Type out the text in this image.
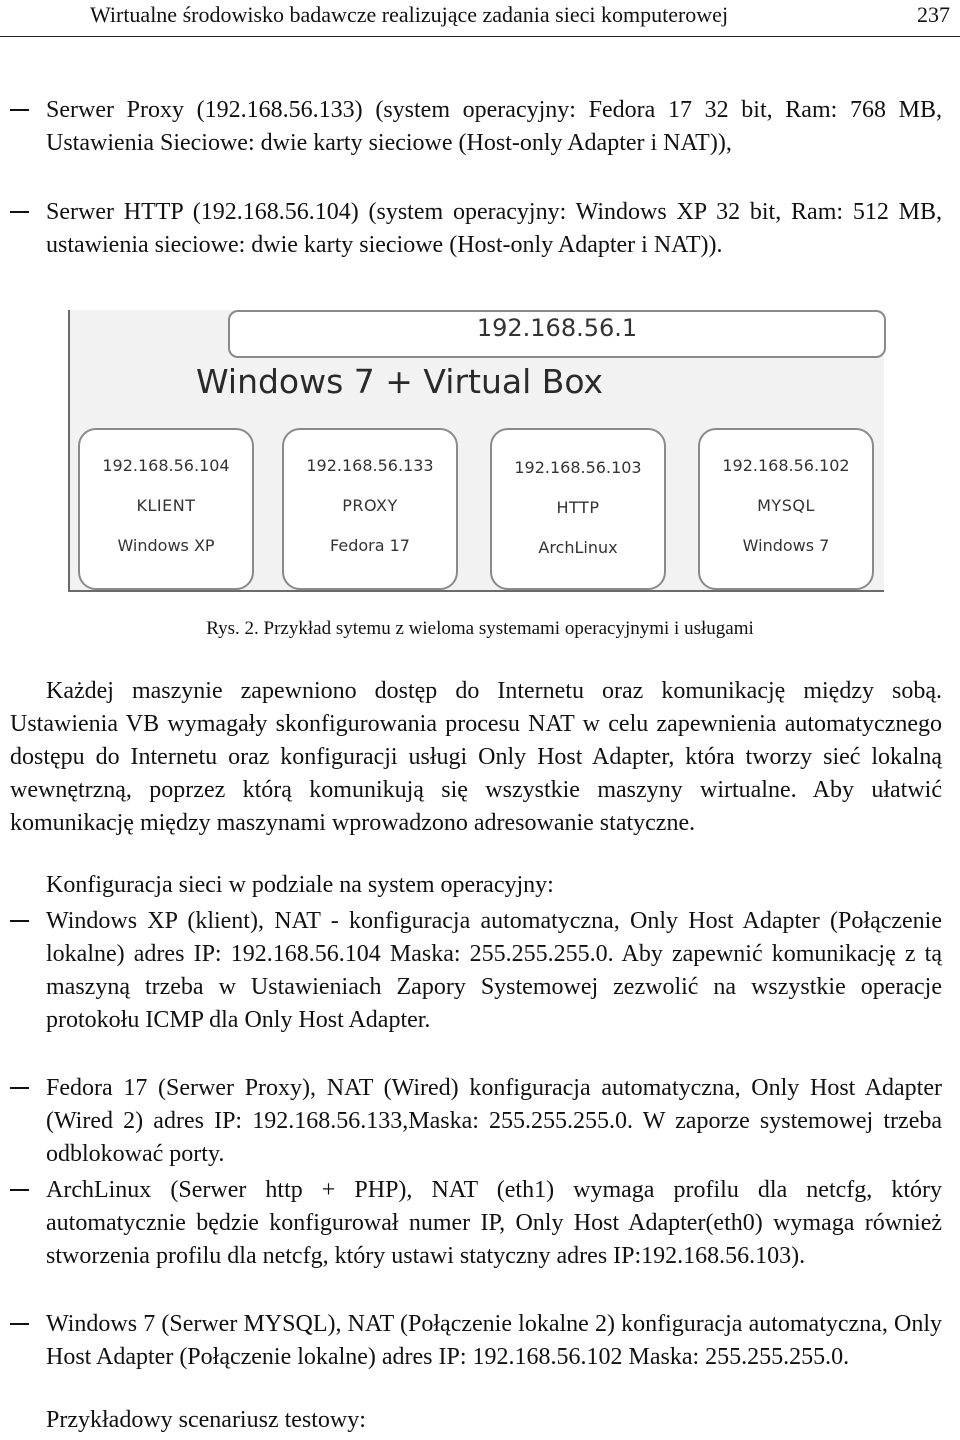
Wirtualne środowisko badawcze realizujące zadania sieci komputerowej	237
Serwer Proxy (192.168.56.133) (system operacyjny: Fedora 17 32 bit, Ram: 768 MB, Ustawienia Sieciowe: dwie karty sieciowe (Host-only Adapter i NAT)),
Serwer HTTP (192.168.56.104) (system operacyjny: Windows XP 32 bit, Ram: 512 MB, ustawienia sieciowe: dwie karty sieciowe (Host-only Adapter i NAT)).
192.168.56.1
Windows 7 + Virtual Box
192.168.56.104
KLIENT
Windows XP
192.168.56.133
PROXY
Fedora 17
192.168.56.103
HTTP
ArchLinux
192.168.56.102
MYSQL
Windows 7
Rys. 2. Przykład sytemu z wieloma systemami operacyjnymi i usługami
Każdej maszynie zapewniono dostęp do Internetu oraz komunikację między sobą. Ustawienia VB wymagały skonfigurowania procesu NAT w celu zapewnienia automatycznego dostępu do Internetu oraz konfiguracji usługi Only Host Adapter, która tworzy sieć lokalną wewnętrzną, poprzez którą komunikują się wszystkie maszyny wirtualne. Aby ułatwić komunikację między maszynami wprowadzono adresowanie statyczne.
Konfiguracja sieci w podziale na system operacyjny:
Windows XP (klient), NAT - konfiguracja automatyczna, Only Host Adapter (Połączenie lokalne) adres IP: 192.168.56.104 Maska: 255.255.255.0. Aby zapewnić komunikację z tą maszyną trzeba w Ustawieniach Zapory Systemowej zezwolić na wszystkie operacje protokołu ICMP dla Only Host Adapter.
Fedora 17 (Serwer Proxy), NAT (Wired) konfiguracja automatyczna, Only Host Adapter (Wired 2) adres IP: 192.168.56.133,Maska: 255.255.255.0. W zaporze systemowej trzeba odblokować porty.
ArchLinux (Serwer http + PHP), NAT (eth1) wymaga profilu dla netcfg, który automatycznie będzie konfigurował numer IP, Only Host Adapter(eth0) wymaga również stworzenia profilu dla netcfg, który ustawi statyczny adres IP:192.168.56.103).
Windows 7 (Serwer MYSQL), NAT (Połączenie lokalne 2) konfiguracja automatyczna, Only Host Adapter (Połączenie lokalne) adres IP: 192.168.56.102 Maska: 255.255.255.0.
Przykładowy scenariusz testowy:
